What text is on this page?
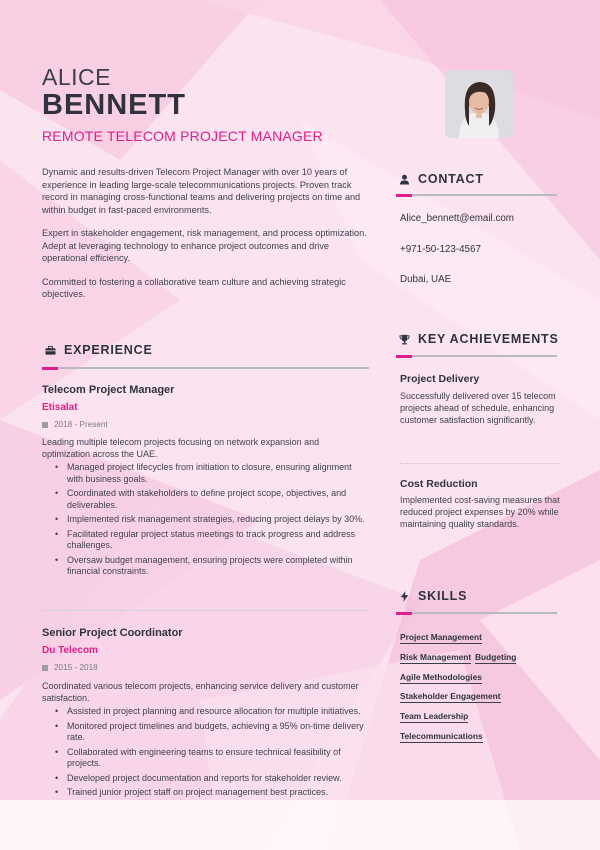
ALICE
BENNETT
REMOTE TELECOM PROJECT MANAGER

Dynamic and results-driven Telecom Project Manager with over 10 years of experience in leading large-scale telecommunications projects. Proven track record in managing cross-functional teams and delivering projects on time and within budget in fast-paced environments.

Expert in stakeholder engagement, risk management, and process optimization. Adept at leveraging technology to enhance project outcomes and drive operational efficiency.

Committed to fostering a collaborative team culture and achieving strategic objectives.

CONTACT
Alice_bennett@email.com
+971-50-123-4567
Dubai, UAE
KEY ACHIEVEMENTS
Project Delivery
Successfully delivered over 15 telecom projects ahead of schedule, enhancing customer satisfaction significantly.
Cost Reduction
Implemented cost-saving measures that reduced project expenses by 20% while maintaining quality standards.
SKILLS
Project Management
Risk Management Budgeting
Agile Methodologies
Stakeholder Engagement
Team Leadership
Telecommunications
EXPERIENCE
Telecom Project Manager
Etisalat
2018 - Present
Leading multiple telecom projects focusing on network expansion and optimization across the UAE.
• Managed project lifecycles from initiation to closure, ensuring alignment with business goals.
• Coordinated with stakeholders to define project scope, objectives, and deliverables.
• Implemented risk management strategies, reducing project delays by 30%.
• Facilitated regular project status meetings to track progress and address challenges.
• Oversaw budget management, ensuring projects were completed within financial constraints.
Senior Project Coordinator
Du Telecom
2015 - 2018
Coordinated various telecom projects, enhancing service delivery and customer satisfaction.
• Assisted in project planning and resource allocation for multiple initiatives.
• Monitored project timelines and budgets, achieving a 95% on-time delivery rate.
• Collaborated with engineering teams to ensure technical feasibility of projects.
• Developed project documentation and reports for stakeholder review.
• Trained junior project staff on project management best practices.
